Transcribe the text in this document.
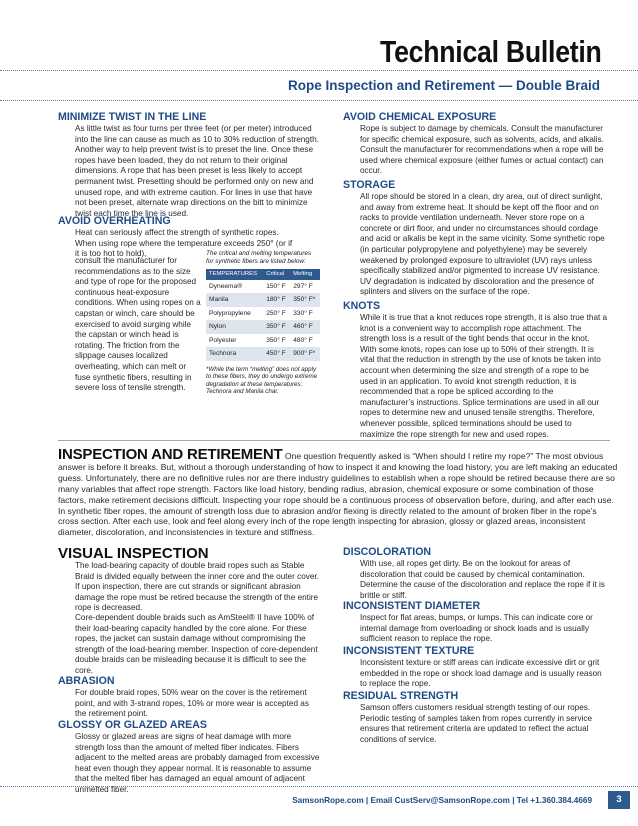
Technical Bulletin
Rope Inspection and Retirement — Double Braid
MINIMIZE TWIST IN THE LINE
As little twist as four turns per three feet (or per meter) introduced into the line can cause as much as 10 to 30% reduction of strength. Another way to help prevent twist is to preset the line. Once these ropes have been loaded, they do not return to their original dimensions. A rope that has been preset is less likely to accept permanent twist. Presetting should be performed only on new and unused rope, and with extreme caution. For lines in use that have not been preset, alternate wrap directions on the bitt to minimize twist each time the line is used.
AVOID OVERHEATING
Heat can seriously affect the strength of synthetic ropes. When using rope where the temperature exceeds 250° (or if it is too hot to hold),
consult the manufacturer for recommendations as to the size and type of rope for the proposed continuous heat-exposure conditions. When using ropes on a capstan or winch, care should be exercised to avoid surging while the capstan or winch head is rotating. The friction from the slippage causes localized overheating, which can melt or fuse synthetic fibers, resulting in severe loss of tensile strength.
The critical and melting temperatures for synthetic fibers are listed below:
TEMPERATURES	Critical	Melting
Dyneema®	150° F	297° F
Manila	180° F	350° F*
Polypropylene	250° F	330° F
Nylon	350° F	460° F
Polyester	350° F	480° F
Technora	450° F	900° F*
*While the term “melting” does not apply to these fibers, they do undergo extreme degradation at these temperatures: Technora and Manila char.
AVOID CHEMICAL EXPOSURE
Rope is subject to damage by chemicals. Consult the manufacturer for specific chemical exposure, such as solvents, acids, and alkalis. Consult the manufacturer for recommendations when a rope will be used where chemical exposure (either fumes or actual contact) can occur.
STORAGE
All rope should be stored in a clean, dry area, out of direct sunlight, and away from extreme heat. It should be kept off the floor and on racks to provide ventilation underneath. Never store rope on a concrete or dirt floor, and under no circumstances should cordage and acid or alkalis be kept in the same vicinity. Some synthetic rope (in particular polypropylene and polyethylene) may be severely weakened by prolonged exposure to ultraviolet (UV) rays unless specifically stabilized and/or pigmented to increase UV resistance. UV degradation is indicated by discoloration and the presence of splinters and slivers on the surface of the rope.
KNOTS
While it is true that a knot reduces rope strength, it is also true that a knot is a convenient way to accomplish rope attachment. The strength loss is a result of the tight bends that occur in the knot. With some knots, ropes can lose up to 50% of their strength. It is vital that the reduction in strength by the use of knots be taken into account when determining the size and strength of a rope to be used in an application. To avoid knot strength reduction, it is recommended that a rope be spliced according to the manufacturer’s instructions. Splice terminations are used in all our ropes to determine new and unused tensile strengths. Therefore, whenever possible, spliced terminations should be used to maximize the rope strength for new and used ropes.
INSPECTION AND RETIREMENT One question frequently asked is “When should I retire my rope?” The most obvious answer is before it breaks. But, without a thorough understanding of how to inspect it and knowing the load history, you are left making an educated guess. Unfortunately, there are no definitive rules nor are there industry guidelines to establish when a rope should be retired because there are so many variables that affect rope strength. Factors like load history, bending radius, abrasion, chemical exposure or some combination of those factors, make retirement decisions difficult. Inspecting your rope should be a continuous process of observation before, during, and after each use. In synthetic fiber ropes, the amount of strength loss due to abrasion and/or flexing is directly related to the amount of broken fiber in the rope’s cross section. After each use, look and feel along every inch of the rope length inspecting for abrasion, glossy or glazed areas, inconsistent diameter, discoloration, and inconsistencies in texture and stiffness.
VISUAL INSPECTION
The load-bearing capacity of double braid ropes such as Stable Braid is divided equally between the inner core and the outer cover. If upon inspection, there are cut strands or significant abrasion damage the rope must be retired because the strength of the entire rope is decreased.
Core-dependent double braids such as AmSteel® II have 100% of their load-bearing capacity handled by the core alone. For these ropes, the jacket can sustain damage without compromising the strength of the load-bearing member. Inspection of core-dependent double braids can be misleading because it is difficult to see the core.
ABRASION
For double braid ropes, 50% wear on the cover is the retirement point, and with 3-strand ropes, 10% or more wear is accepted as the retirement point.
GLOSSY OR GLAZED AREAS
Glossy or glazed areas are signs of heat damage with more strength loss than the amount of melted fiber indicates. Fibers adjacent to the melted areas are probably damaged from excessive heat even though they appear normal. It is reasonable to assume that the melted fiber has damaged an equal amount of adjacent unmelted fiber.
DISCOLORATION
With use, all ropes get dirty. Be on the lookout for areas of discoloration that could be caused by chemical contamination. Determine the cause of the discoloration and replace the rope if it is brittle or stiff.
INCONSISTENT DIAMETER
Inspect for flat areas, bumps, or lumps. This can indicate core or internal damage from overloading or shock loads and is usually sufficient reason to replace the rope.
INCONSISTENT TEXTURE
Inconsistent texture or stiff areas can indicate excessive dirt or grit embedded in the rope or shock load damage and is usually reason to replace the rope.
RESIDUAL STRENGTH
Samson offers customers residual strength testing of our ropes. Periodic testing of samples taken from ropes currently in service ensures that retirement criteria are updated to reflect the actual conditions of service.
SamsonRope.com | Email CustServ@SamsonRope.com | Tel +1.360.384.4669	3
